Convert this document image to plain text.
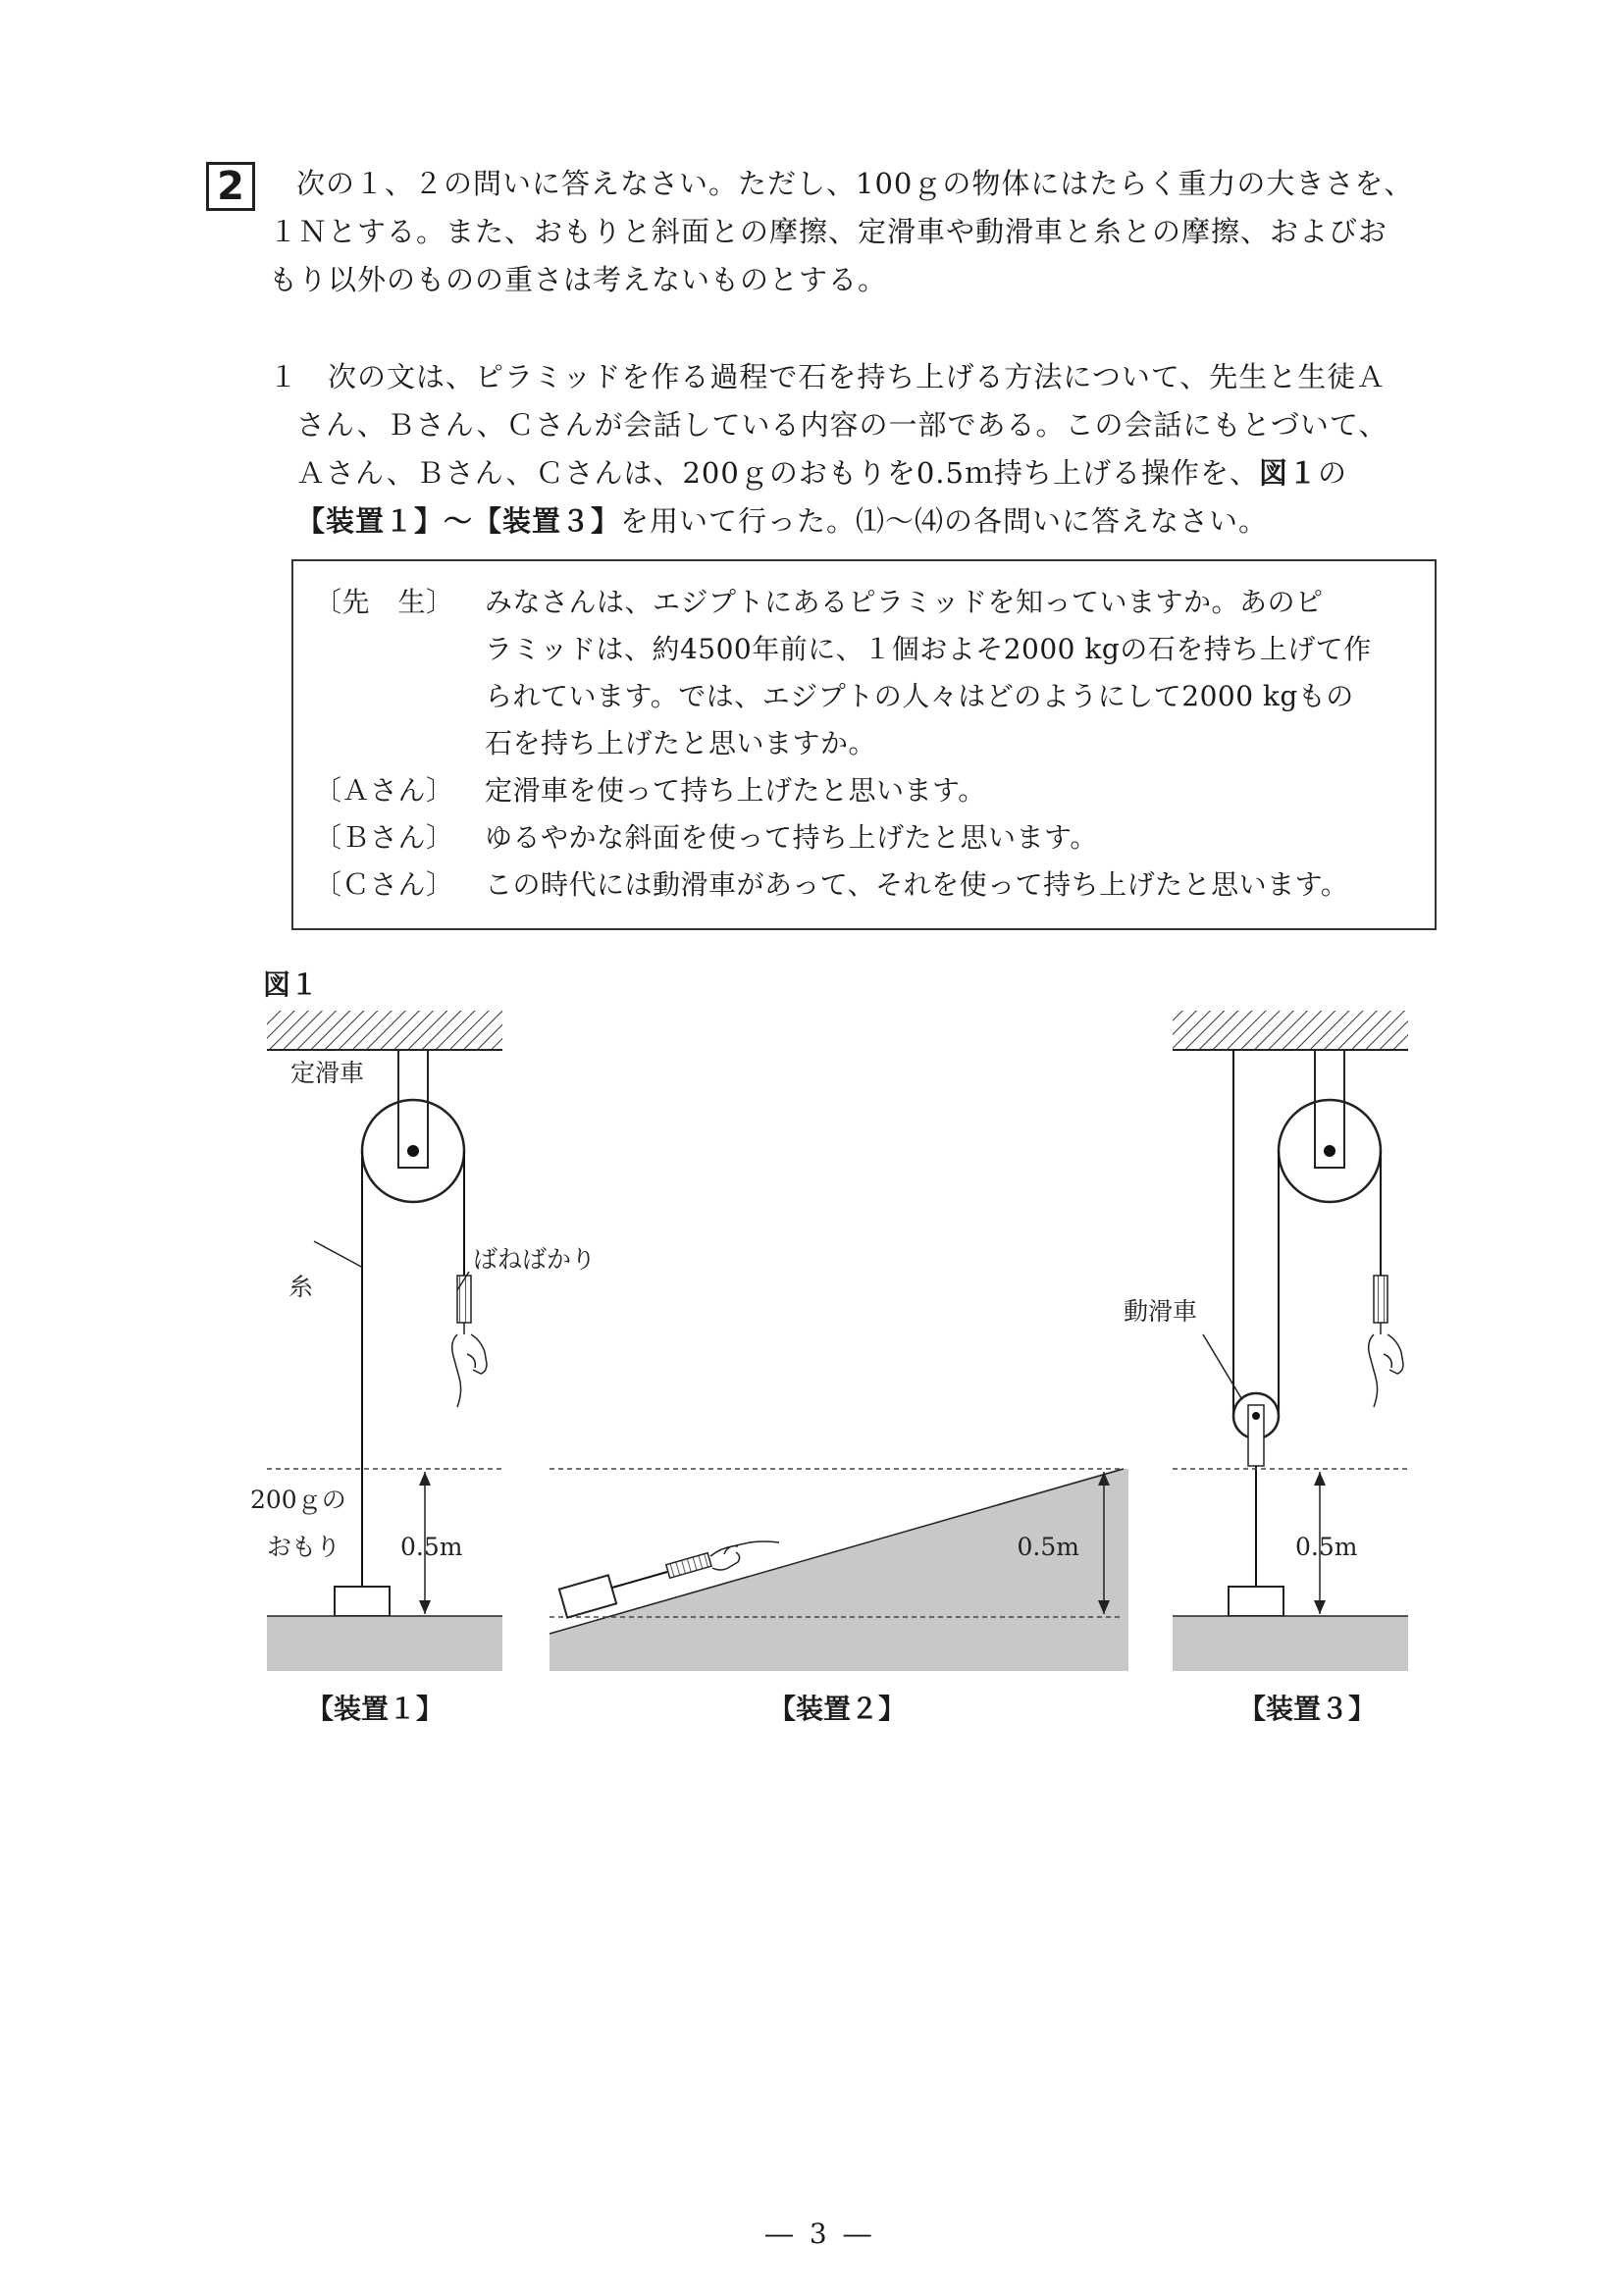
2	次の１、２の問いに答えなさい。ただし、100ｇの物体にはたらく重力の大きさを、
１Ｎとする。また、おもりと斜面との摩擦、定滑車や動滑車と糸との摩擦、およびお
もり以外のものの重さは考えないものとする。
１　次の文は、ピラミッドを作る過程で石を持ち上げる方法について、先生と生徒Ａ
さん、Ｂさん、Ｃさんが会話している内容の一部である。この会話にもとづいて、
Ａさん、Ｂさん、Ｃさんは、200ｇのおもりを0.5ｍ持ち上げる操作を、図１の
【装置１】～【装置３】を用いて行った。⑴～⑷の各問いに答えなさい。
〔先　生〕 みなさんは、エジプトにあるピラミッドを知っていますか。あのピ
ラミッドは、約4500年前に、１個およそ2000 kgの石を持ち上げて作
られています。では、エジプトの人々はどのようにして2000 kgもの
石を持ち上げたと思いますか。
〔Ａさん〕 定滑車を使って持ち上げたと思います。
〔Ｂさん〕 ゆるやかな斜面を使って持ち上げたと思います。
〔Ｃさん〕 この時代には動滑車があって、それを使って持ち上げたと思います。
図１
定滑車
糸
ばねばかり
200ｇの
おもり 0.5m	0.5m
動滑車
0.5m
【装置１】	【装置２】	【装置３】
― 3 ―
